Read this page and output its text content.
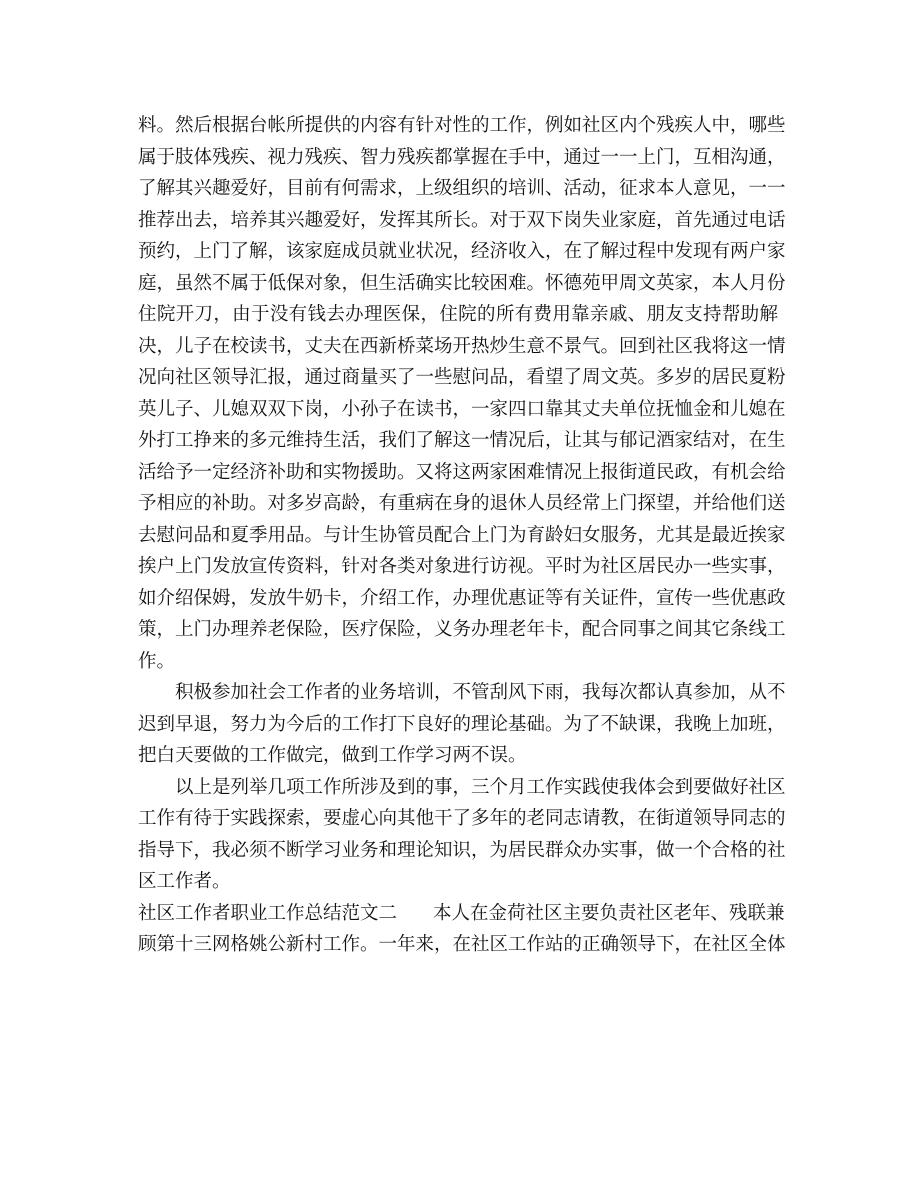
料。然后根据台帐所提供的内容有针对性的工作，例如社区内个残疾人中，哪些
属于肢体残疾、视力残疾、智力残疾都掌握在手中，通过一一上门，互相沟通，
了解其兴趣爱好，目前有何需求，上级组织的培训、活动，征求本人意见，一一
推荐出去，培养其兴趣爱好，发挥其所长。对于双下岗失业家庭，首先通过电话
预约，上门了解，该家庭成员就业状况，经济收入，在了解过程中发现有两户家
庭，虽然不属于低保对象，但生活确实比较困难。怀德苑甲周文英家，本人月份
住院开刀，由于没有钱去办理医保，住院的所有费用靠亲戚、朋友支持帮助解
决，儿子在校读书，丈夫在西新桥菜场开热炒生意不景气。回到社区我将这一情
况向社区领导汇报，通过商量买了一些慰问品，看望了周文英。多岁的居民夏粉
英儿子、儿媳双双下岗，小孙子在读书，一家四口靠其丈夫单位抚恤金和儿媳在
外打工挣来的多元维持生活，我们了解这一情况后，让其与郁记酒家结对，在生
活给予一定经济补助和实物援助。又将这两家困难情况上报街道民政，有机会给
予相应的补助。对多岁高龄，有重病在身的退休人员经常上门探望，并给他们送
去慰问品和夏季用品。与计生协管员配合上门为育龄妇女服务，尤其是最近挨家
挨户上门发放宣传资料，针对各类对象进行访视。平时为社区居民办一些实事，
如介绍保姆，发放牛奶卡，介绍工作，办理优惠证等有关证件，宣传一些优惠政
策，上门办理养老保险，医疗保险，义务办理老年卡，配合同事之间其它条线工
作。
积极参加社会工作者的业务培训，不管刮风下雨，我每次都认真参加，从不
迟到早退，努力为今后的工作打下良好的理论基础。为了不缺课，我晚上加班，
把白天要做的工作做完，做到工作学习两不误。
以上是列举几项工作所涉及到的事，三个月工作实践使我体会到要做好社区
工作有待于实践探索，要虚心向其他干了多年的老同志请教，在街道领导同志的
指导下，我必须不断学习业务和理论知识，为居民群众办实事，做一个合格的社
区工作者。
社区工作者职业工作总结范文二 本人在金荷社区主要负责社区老年、残联兼
顾第十三网格姚公新村工作。一年来，在社区工作站的正确领导下，在社区全体
